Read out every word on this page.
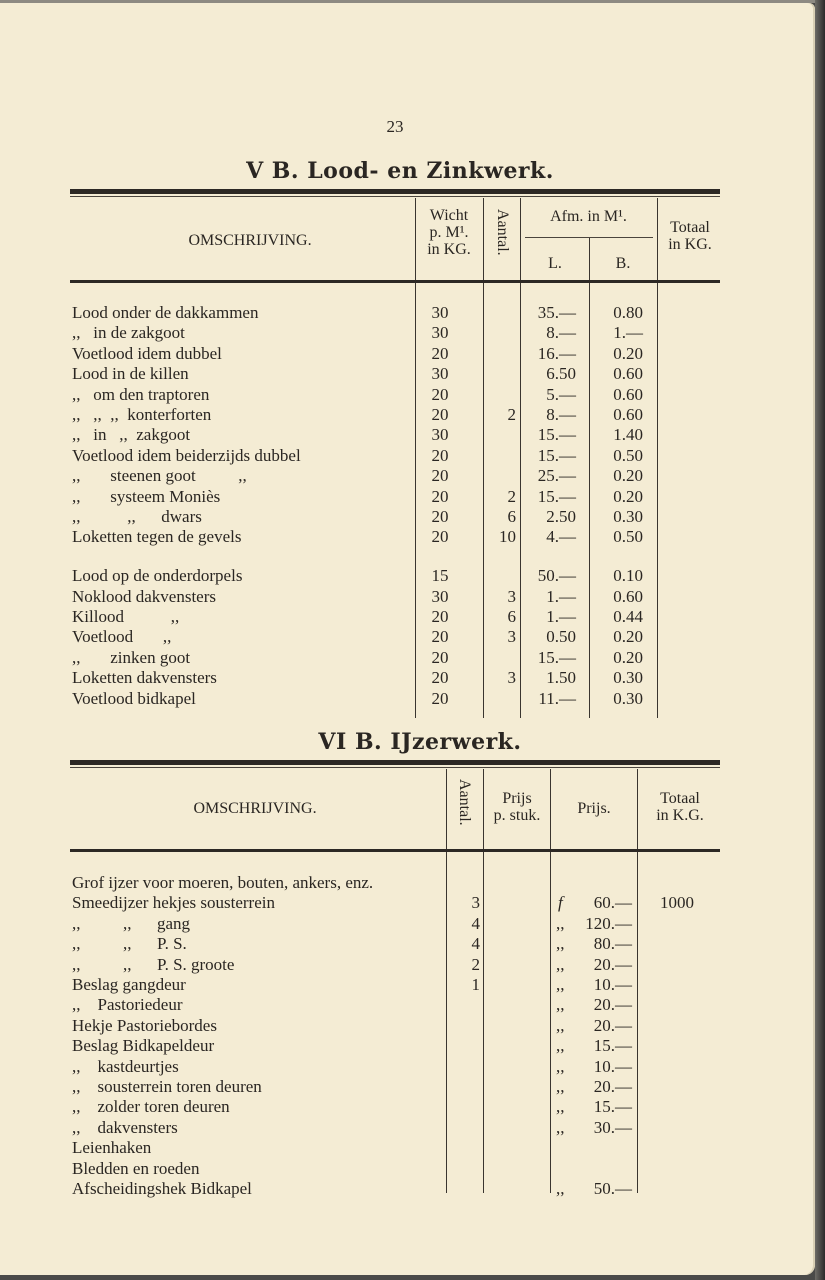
23
V B. Lood- en Zinkwerk.
OMSCHRIJVING.
Wicht
p. M¹.
in KG.	Aantal.	Afm. in M¹.
L.	B.
Totaal
in KG.
Lood onder de dakkammen	30	35.—	0.80
,,   in de zakgoot	30	8.—	1.—
Voetlood idem dubbel	20	16.—	0.20
Lood in de killen	30	6.50	0.60
,,   om den traptoren	20	5.—	0.60
,,   ,,  ,,  konterforten	20	2	8.—	0.60
,,   in   ,,  zakgoot	30	15.—	1.40
Voetlood idem beiderzijds dubbel	20	15.—	0.50
,,       steenen goot          ,,	20	25.—	0.20
,,       systeem Moniès	20	2	15.—	0.20
,,           ,,      dwars	20	6	2.50	0.30
Loketten tegen de gevels	20	10	4.—	0.50
Lood op de onderdorpels	15	50.—	0.10
Noklood dakvensters	30	3	1.—	0.60
Killood           ,,	20	6	1.—	0.44
Voetlood       ,,	20	3	0.50	0.20
,,       zinken goot	20	15.—	0.20
Loketten dakvensters	20	3	1.50	0.30
Voetlood bidkapel	20	11.—	0.30
VI B. IJzerwerk.
OMSCHRIJVING.	Aantal.	Prijs
p. stuk.	Prijs.
Totaal
in K.G.
Grof ijzer voor moeren, bouten, ankers, enz.
Smeedijzer hekjes sousterrein	3	f 60.—	1000
,,          ,,      gang	4	,, 120.—
,,          ,,      P. S.	4	,, 80.—
,,          ,,      P. S. groote	2	,, 20.—
Beslag gangdeur	1	,, 10.—
,,    Pastoriedeur	,, 20.—
Hekje Pastoriebordes	,, 20.—
Beslag Bidkapeldeur	,, 15.—
,,    kastdeurtjes	,, 10.—
,,    sousterrein toren deuren	,, 20.—
,,    zolder toren deuren	,, 15.—
,,    dakvensters	,, 30.—
Leienhaken
Bledden en roeden
Afscheidingshek Bidkapel	,, 50.—
